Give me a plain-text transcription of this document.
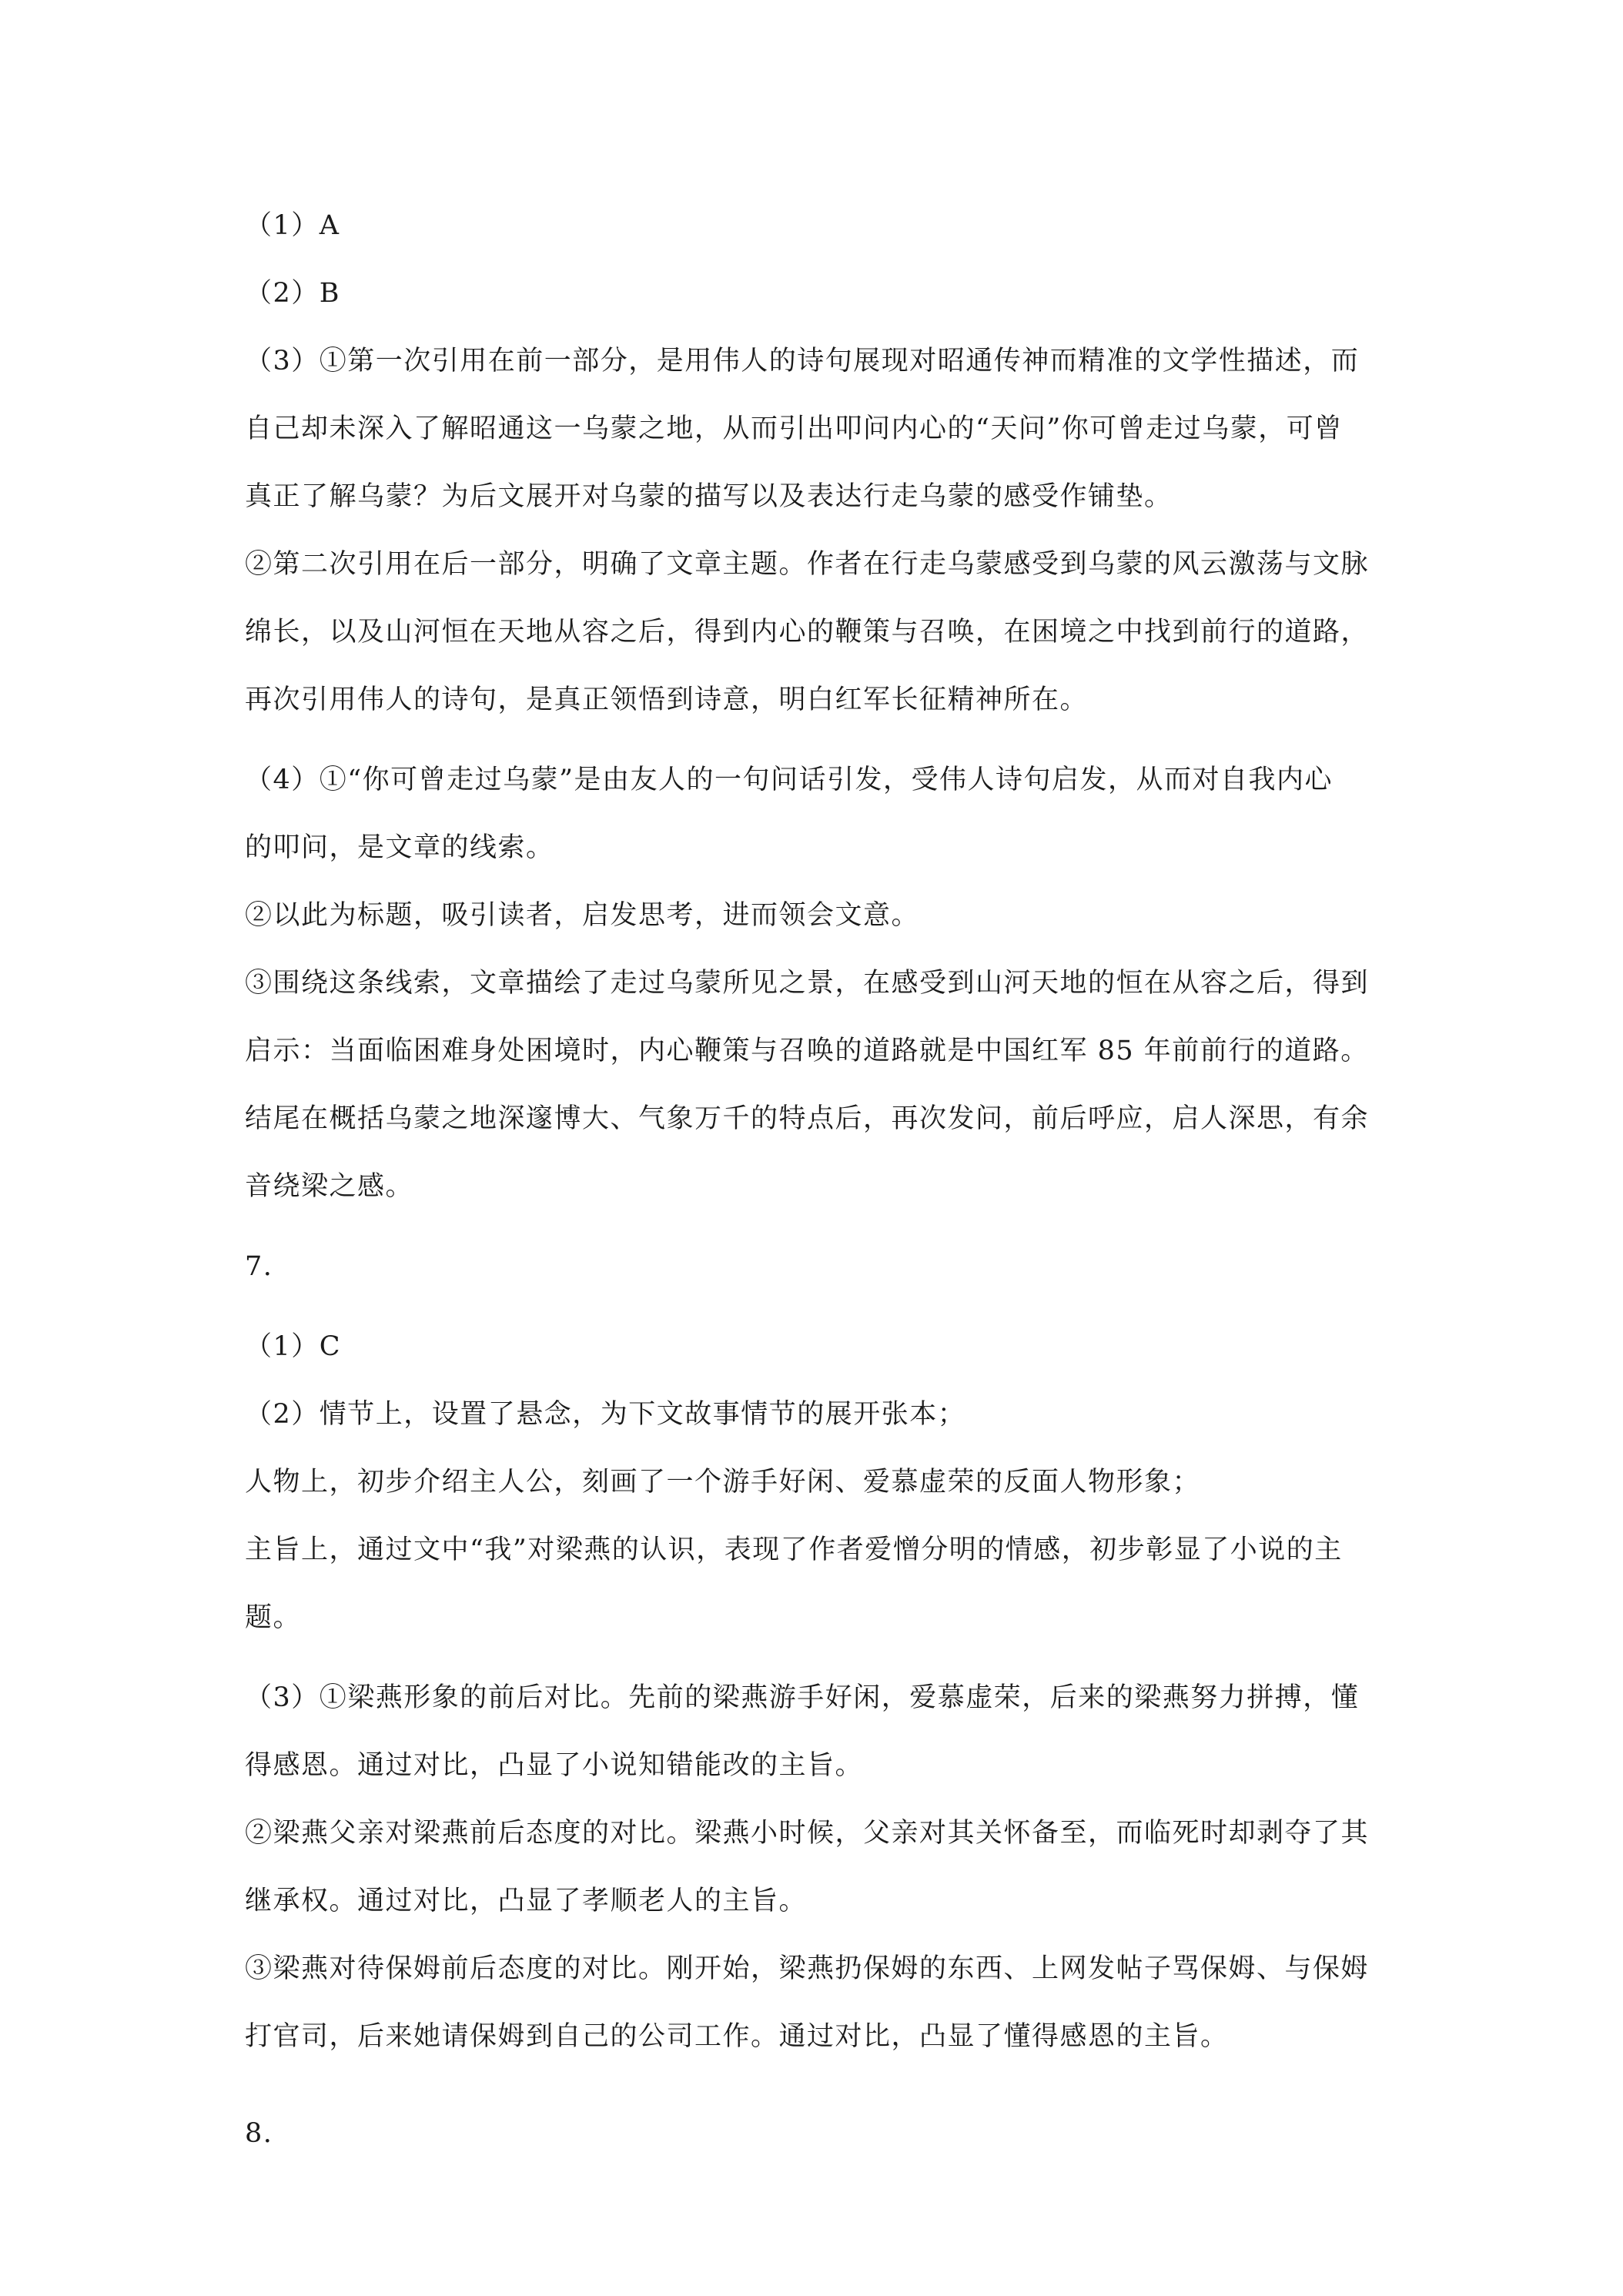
（1）A
（2）B
（3）①第一次引用在前一部分，是用伟人的诗句展现对昭通传神而精准的文学性描述，而
自己却未深入了解昭通这一乌蒙之地，从而引出叩问内心的“天问”你可曾走过乌蒙，可曾
真正了解乌蒙？为后文展开对乌蒙的描写以及表达行走乌蒙的感受作铺垫。
②第二次引用在后一部分，明确了文章主题。作者在行走乌蒙感受到乌蒙的风云激荡与文脉
绵长，以及山河恒在天地从容之后，得到内心的鞭策与召唤，在困境之中找到前行的道路，
再次引用伟人的诗句，是真正领悟到诗意，明白红军长征精神所在。
（4）①“你可曾走过乌蒙”是由友人的一句问话引发，受伟人诗句启发，从而对自我内心
的叩问，是文章的线索。
②以此为标题，吸引读者，启发思考，进而领会文意。
③围绕这条线索，文章描绘了走过乌蒙所见之景，在感受到山河天地的恒在从容之后，得到
启示：当面临困难身处困境时，内心鞭策与召唤的道路就是中国红军 85 年前前行的道路。
结尾在概括乌蒙之地深邃博大、气象万千的特点后，再次发问，前后呼应，启人深思，有余
音绕梁之感。
7.
（1）C
（2）情节上，设置了悬念，为下文故事情节的展开张本；
人物上，初步介绍主人公，刻画了一个游手好闲、爱慕虚荣的反面人物形象；
主旨上，通过文中“我”对梁燕的认识，表现了作者爱憎分明的情感，初步彰显了小说的主
题。
（3）①梁燕形象的前后对比。先前的梁燕游手好闲，爱慕虚荣，后来的梁燕努力拼搏，懂
得感恩。通过对比，凸显了小说知错能改的主旨。
②梁燕父亲对梁燕前后态度的对比。梁燕小时候，父亲对其关怀备至，而临死时却剥夺了其
继承权。通过对比，凸显了孝顺老人的主旨。
③梁燕对待保姆前后态度的对比。刚开始，梁燕扔保姆的东西、上网发帖子骂保姆、与保姆
打官司，后来她请保姆到自己的公司工作。通过对比，凸显了懂得感恩的主旨。
8.
